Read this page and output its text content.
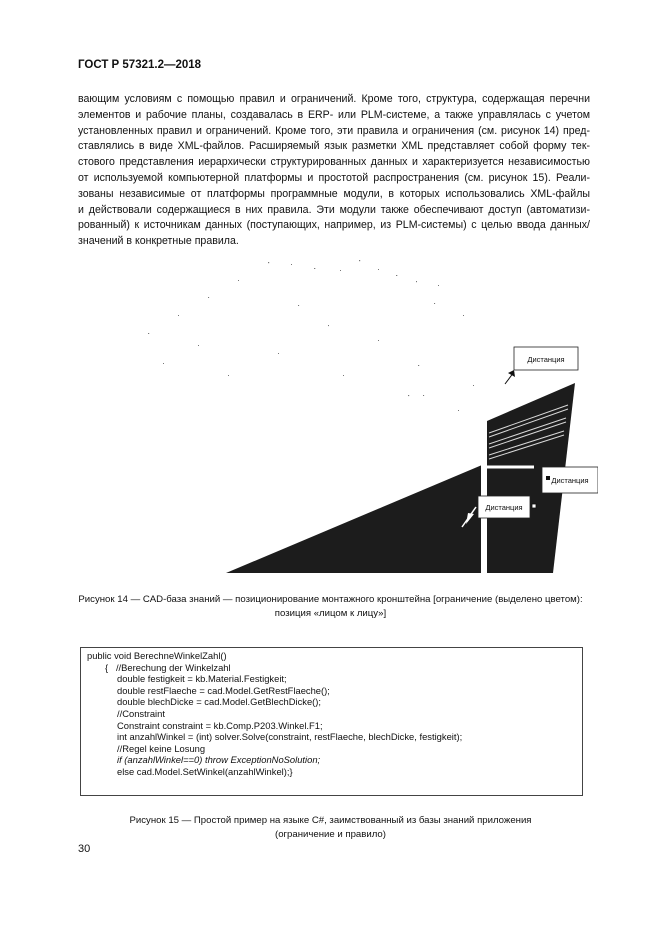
ГОСТ Р 57321.2—2018

вающим условиям с помощью правил и ограничений. Кроме того, структура, содержащая перечни
элементов и рабочие планы, создавалась в ERP- или PLM-системе, а также управлялась с учетом
установленных правил и ограничений. Кроме того, эти правила и ограничения (см. рисунок 14) пред-
ставлялись в виде XML-файлов. Расширяемый язык разметки XML представляет собой форму тек-
стового представления иерархически структурированных данных и характеризуется независимостью
от используемой компьютерной платформы и простотой распространения (см. рисунок 15). Реали-
зованы независимые от платформы программные модули, в которых использовались XML-файлы
и действовали содержащиеся в них правила. Эти модули также обеспечивают доступ (автоматизи-
рованный) к источникам данных (поступающих, например, из PLM-системы) с целью ввода данных/
значений в конкретные правила.

Дистанция
Дистанция
Дистанция
Рисунок 14 — CAD-база знаний — позиционирование монтажного кронштейна [ограничение (выделено цветом):
позиция «лицом к лицу»]
public void BerechneWinkelZahl()
{   //Berechung der Winkelzahl
double festigkeit = kb.Material.Festigkeit;
double restFlaeche = cad.Model.GetRestFlaeche();
double blechDicke = cad.Model.GetBlechDicke();
//Constraint
Constraint constraint = kb.Comp.P203.Winkel.F1;
int anzahlWinkel = (int) solver.Solve(constraint, restFlaeche, blechDicke, festigkeit);
//Regel keine Losung
if (anzahlWinkel==0) throw ExceptionNoSolution;
else cad.Model.SetWinkel(anzahlWinkel);}
Рисунок 15 — Простой пример на языке C#, заимствованный из базы знаний приложения
(ограничение и правило)
30
